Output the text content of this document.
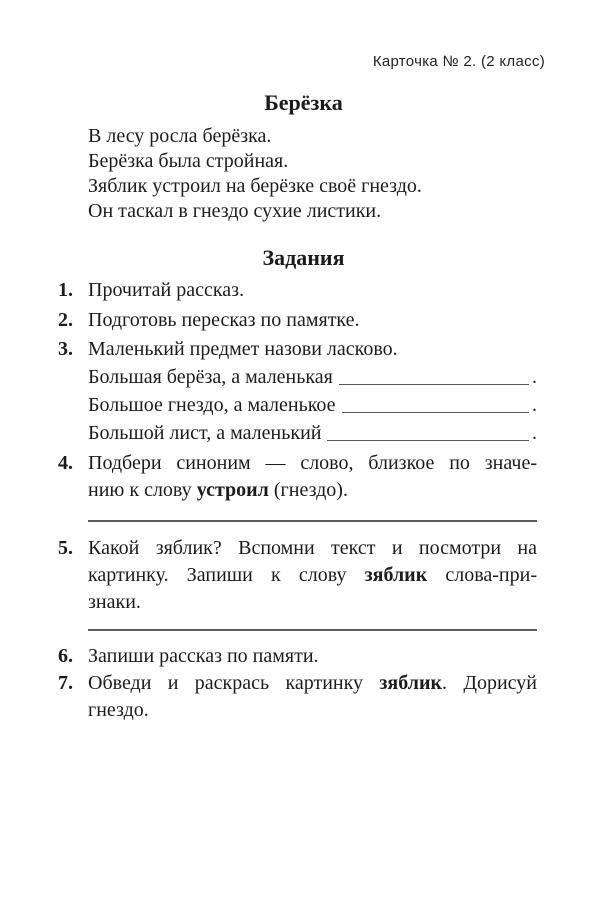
Карточка № 2. (2 класс)
Берёзка
В лесу росла берёзка.
Берёзка была стройная.
Зяблик устроил на берёзке своё гнездо.
Он таскал в гнездо сухие листики.
Задания
1. Прочитай рассказ.
2. Подготовь пересказ по памятке.
3. Маленький предмет назови ласково.
Большая берёза, а маленькая	.
Большое гнездо, а маленькое	.
Большой лист, а маленький	.
4. Подбери синоним — слово, близкое по значе-
нию к слову устроил (гнездо).
5. Какой зяблик? Вспомни текст и посмотри на
картинку. Запиши к слову зяблик слова-при-
знаки.
6. Запиши рассказ по памяти.
7. Обведи и раскрась картинку зяблик. Дорисуй
гнездо.
